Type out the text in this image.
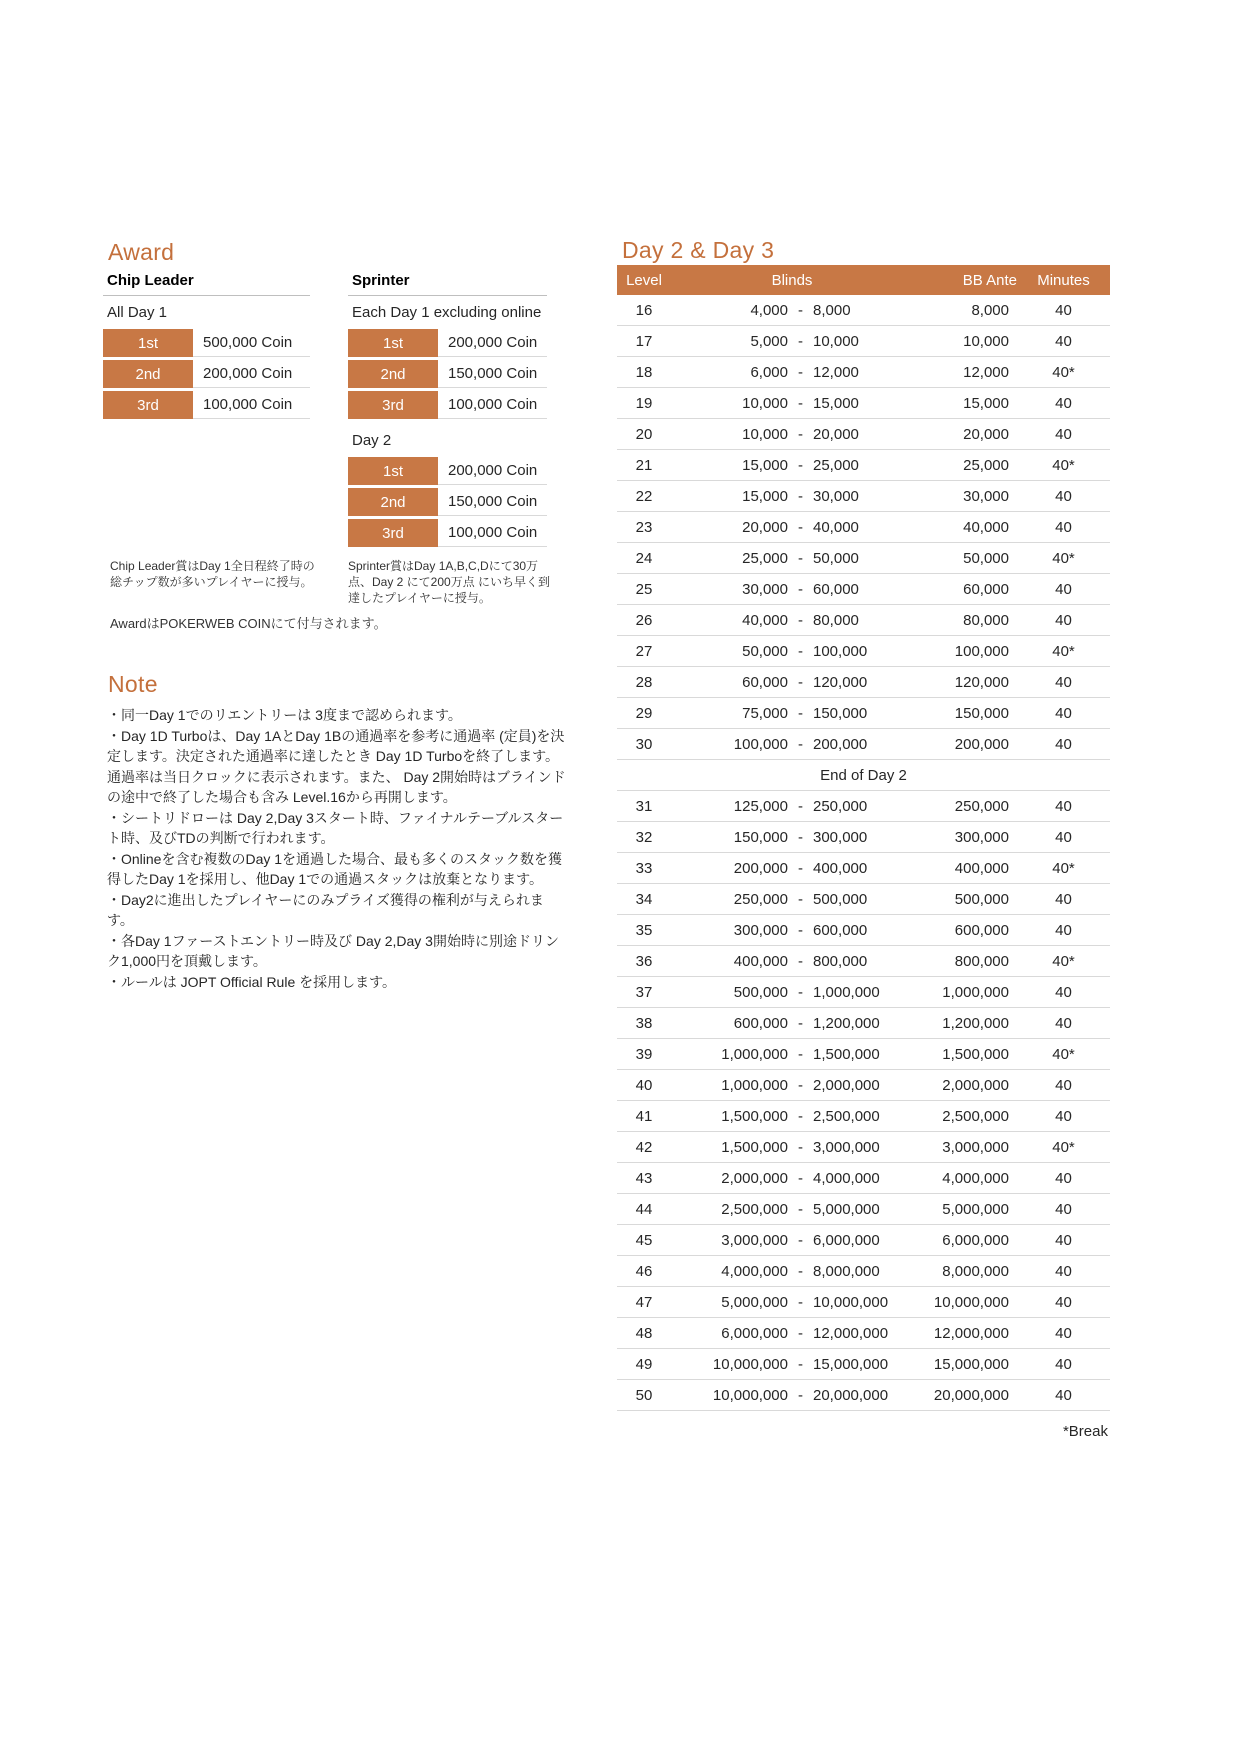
Award
Chip Leader
All Day 1
1st	500,000 Coin
2nd	200,000 Coin
3rd	100,000 Coin
Sprinter
Each Day 1 excluding online
1st	200,000 Coin
2nd	150,000 Coin
3rd	100,000 Coin
Day 2
1st	200,000 Coin
2nd	150,000 Coin
3rd	100,000 Coin

Chip Leader賞はDay 1全日程終了時の総チップ数が多いプレイヤーに授与。

Sprinter賞はDay 1A,B,C,Dにて30万点、Day 2 にて200万点 にいち早く到達したプレイヤーに授与。

AwardはPOKERWEB COINにて付与されます。

Note

・同一Day 1でのリエントリーは 3度まで認められます。

・Day 1D Turboは、Day 1AとDay 1Bの通過率を参考に通過率 (定員)を決定します。決定された通過率に達したとき Day 1D Turboを終了します。通過率は当日クロックに表示されます。また、 Day 2開始時はブラインドの途中で終了した場合も含み Level.16から再開します。

・シートリドローは Day 2,Day 3スタート時、ファイナルテーブルスタート時、及びTDの判断で行われます。

・Onlineを含む複数のDay 1を通過した場合、最も多くのスタック数を獲得したDay 1を採用し、他Day 1での通過スタックは放棄となります。

・Day2に進出したプレイヤーにのみプライズ獲得の権利が与えられます。

・各Day 1ファーストエントリー時及び Day 2,Day 3開始時に別途ドリンク1,000円を頂戴します。

・ルールは JOPT Official Rule を採用します。

Day 2 & Day 3
Level	Blinds	BB Ante	Minutes
16	4,000 - 8,000	8,000	40
17	5,000 - 10,000	10,000	40
18	6,000 - 12,000	12,000	40*
19	10,000 - 15,000	15,000	40
20	10,000 - 20,000	20,000	40
21	15,000 - 25,000	25,000	40*
22	15,000 - 30,000	30,000	40
23	20,000 - 40,000	40,000	40
24	25,000 - 50,000	50,000	40*
25	30,000 - 60,000	60,000	40
26	40,000 - 80,000	80,000	40
27	50,000 - 100,000	100,000	40*
28	60,000 - 120,000	120,000	40
29	75,000 - 150,000	150,000	40
30	100,000 - 200,000	200,000	40
End of Day 2
31	125,000 - 250,000	250,000	40
32	150,000 - 300,000	300,000	40
33	200,000 - 400,000	400,000	40*
34	250,000 - 500,000	500,000	40
35	300,000 - 600,000	600,000	40
36	400,000 - 800,000	800,000	40*
37	500,000 - 1,000,000	1,000,000	40
38	600,000 - 1,200,000	1,200,000	40
39	1,000,000 - 1,500,000	1,500,000	40*
40	1,000,000 - 2,000,000	2,000,000	40
41	1,500,000 - 2,500,000	2,500,000	40
42	1,500,000 - 3,000,000	3,000,000	40*
43	2,000,000 - 4,000,000	4,000,000	40
44	2,500,000 - 5,000,000	5,000,000	40
45	3,000,000 - 6,000,000	6,000,000	40
46	4,000,000 - 8,000,000	8,000,000	40
47	5,000,000 - 10,000,000	10,000,000	40
48	6,000,000 - 12,000,000	12,000,000	40
49	10,000,000 - 15,000,000	15,000,000	40
50	10,000,000 - 20,000,000	20,000,000	40

*Break
